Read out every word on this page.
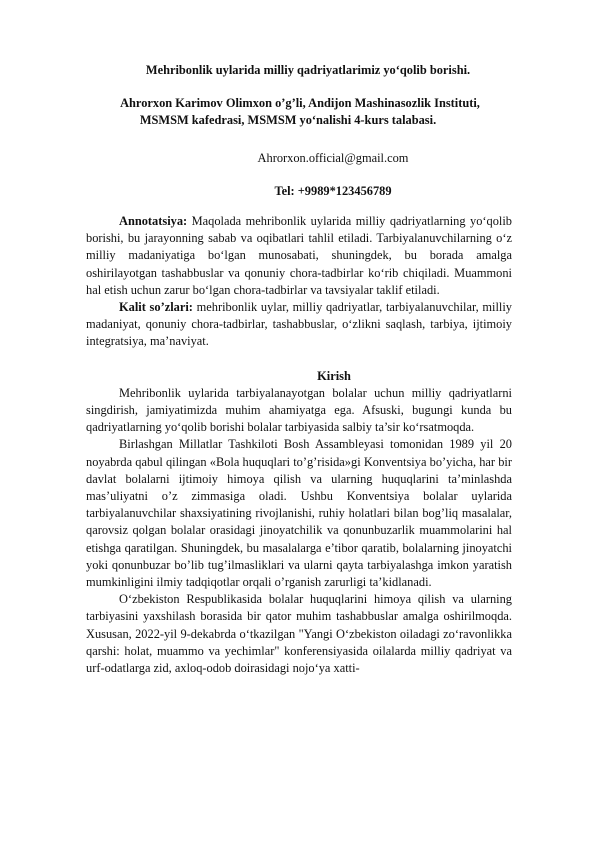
Mehribonlik uylarida milliy qadriyatlarimiz yo‘qolib borishi.
Ahrorxon Karimov Olimxon o’g’li, Andijon Mashinasozlik Instituti,
MSMSM kafedrasi, MSMSM yo‘nalishi 4-kurs talabasi.
Ahrorxon.official@gmail.com
Tel: +9989*123456789

Annotatsiya: Maqolada mehribonlik uylarida milliy qadriyatlarning yo‘qolib borishi, bu jarayonning sabab va oqibatlari tahlil etiladi. Tarbiyalanuvchilarning o‘z milliy madaniyatiga bo‘lgan munosabati, shuningdek, bu borada amalga oshirilayotgan tashabbuslar va qonuniy chora-tadbirlar ko‘rib chiqiladi. Muammoni hal etish uchun zarur bo‘lgan chora-tadbirlar va tavsiyalar taklif etiladi.

Kalit so’zlari: mehribonlik uylar, milliy qadriyatlar, tarbiyalanuvchilar, milliy madaniyat, qonuniy chora-tadbirlar, tashabbuslar, o‘zlikni saqlash, tarbiya, ijtimoiy integratsiya, ma’naviyat.

Kirish

Mehribonlik uylarida tarbiyalanayotgan bolalar uchun milliy qadriyatlarni singdirish, jamiyatimizda muhim ahamiyatga ega. Afsuski, bugungi kunda bu qadriyatlarning yo‘qolib borishi bolalar tarbiyasida salbiy ta’sir ko‘rsatmoqda.

Birlashgan Millatlar Tashkiloti Bosh Assambleyasi tomonidan 1989 yil 20 noyabrda qabul qilingan «Bola huquqlari to’g’risida»gi Konventsiya bo’yicha, har bir davlat bolalarni ijtimoiy himoya qilish va ularning huquqlarini ta’minlashda mas’uliyatni o’z zimmasiga oladi. Ushbu Konventsiya bolalar uylarida tarbiyalanuvchilar shaxsiyatining rivojlanishi, ruhiy holatlari bilan bog’liq masalalar, qarovsiz qolgan bolalar orasidagi jinoyatchilik va qonunbuzarlik muammolarini hal etishga qaratilgan. Shuningdek, bu masalalarga e’tibor qaratib, bolalarning jinoyatchi yoki qonunbuzar bo’lib tug’ilmasliklari va ularni qayta tarbiyalashga imkon yaratish mumkinligini ilmiy tadqiqotlar orqali o’rganish zarurligi ta’kidlanadi.

O‘zbekiston Respublikasida bolalar huquqlarini himoya qilish va ularning tarbiyasini yaxshilash borasida bir qator muhim tashabbuslar amalga oshirilmoqda. Xususan, 2022-yil 9-dekabrda o‘tkazilgan "Yangi O‘zbekiston oiladagi zo‘ravonlikka qarshi: holat, muammo va yechimlar" konferensiyasida oilalarda milliy qadriyat va urf-odatlarga zid, axloq-odob doirasidagi nojo‘ya xatti-
